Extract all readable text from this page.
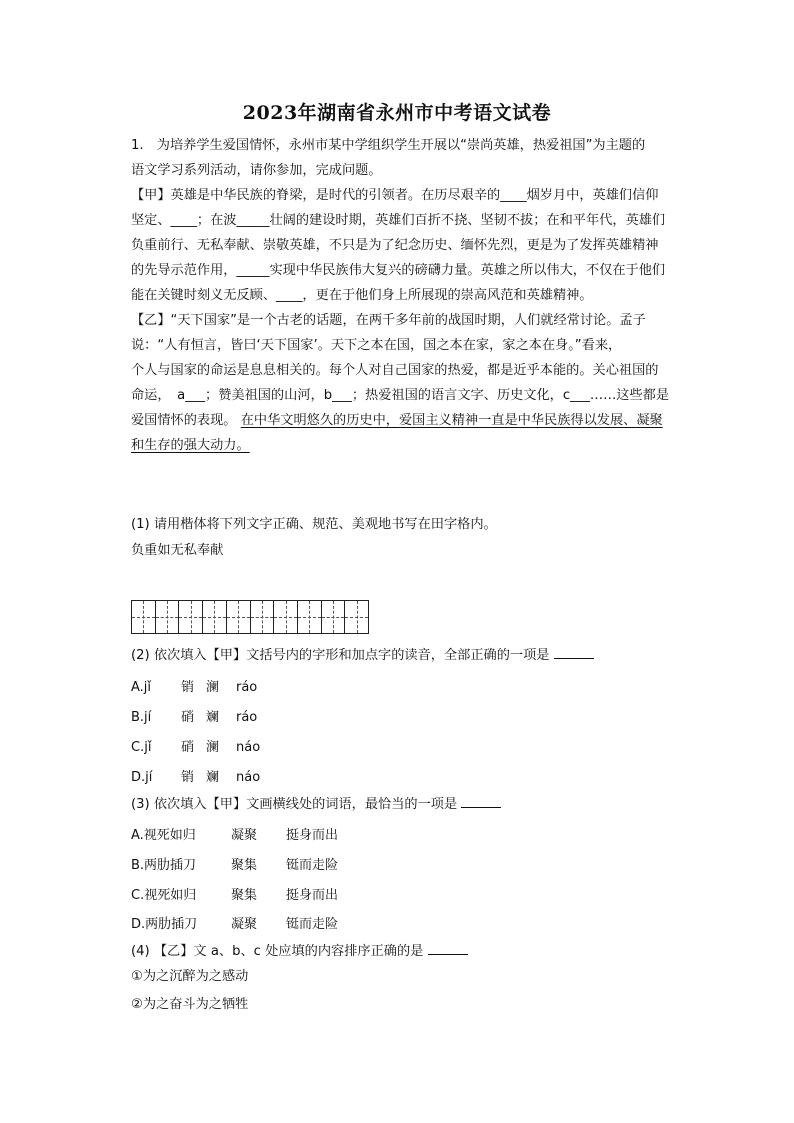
2023年湖南省永州市中考语文试卷
1.　为培养学生爱国情怀，永州市某中学组织学生开展以“崇尚英雄，热爱祖国”为主题的
语文学习系列活动，请你参加，完成问题。
【甲】英雄是中华民族的脊梁，是时代的引领者。在历尽艰辛的____烟岁月中，英雄们信仰
坚定、____；在波_____壮阔的建设时期，英雄们百折不挠、坚韧不拔；在和平年代，英雄们
负重前行、无私奉献、崇敬英雄，不只是为了纪念历史、缅怀先烈，更是为了发挥英雄精神
的先导示范作用，_____实现中华民族伟大复兴的磅礴力量。英雄之所以伟大，不仅在于他们
能在关键时刻义无反顾、____，更在于他们身上所展现的崇高风范和英雄精神。
【乙】“天下国家”是一个古老的话题，在两千多年前的战国时期，人们就经常讨论。孟子
说：“人有恒言，皆曰‘天下国家’。天下之本在国，国之本在家，家之本在身。”看来，
个人与国家的命运是息息相关的。每个人对自己国家的热爱，都是近乎本能的。关心祖国的
命运，　a___；赞美祖国的山河，b___；热爱祖国的语言文字、历史文化，c___……这些都是
爱国情怀的表现。 在中华文明悠久的历史中，爱国主义精神一直是中华民族得以发展、凝聚
和生存的强大动力。
(1) 请用楷体将下列文字正确、规范、美观地书写在田字格内。
负重如无私奉献
(2) 依次填入【甲】文括号内的字形和加点字的读音，全部正确的一项是
A.jǐ 销 澜 ráo
B.jí 硝 斓 ráo
C.jǐ 硝 澜 náo
D.jí 销 斓 náo
(3) 依次填入【甲】文画横线处的词语，最恰当的一项是
A.视死如归	凝聚 挺身而出
B.两肋插刀	聚集 铤而走险
C.视死如归	聚集 挺身而出
D.两肋插刀	凝聚 铤而走险
(4) 【乙】文 a、b、c 处应填的内容排序正确的是
①为之沉醉为之感动
②为之奋斗为之牺牲
